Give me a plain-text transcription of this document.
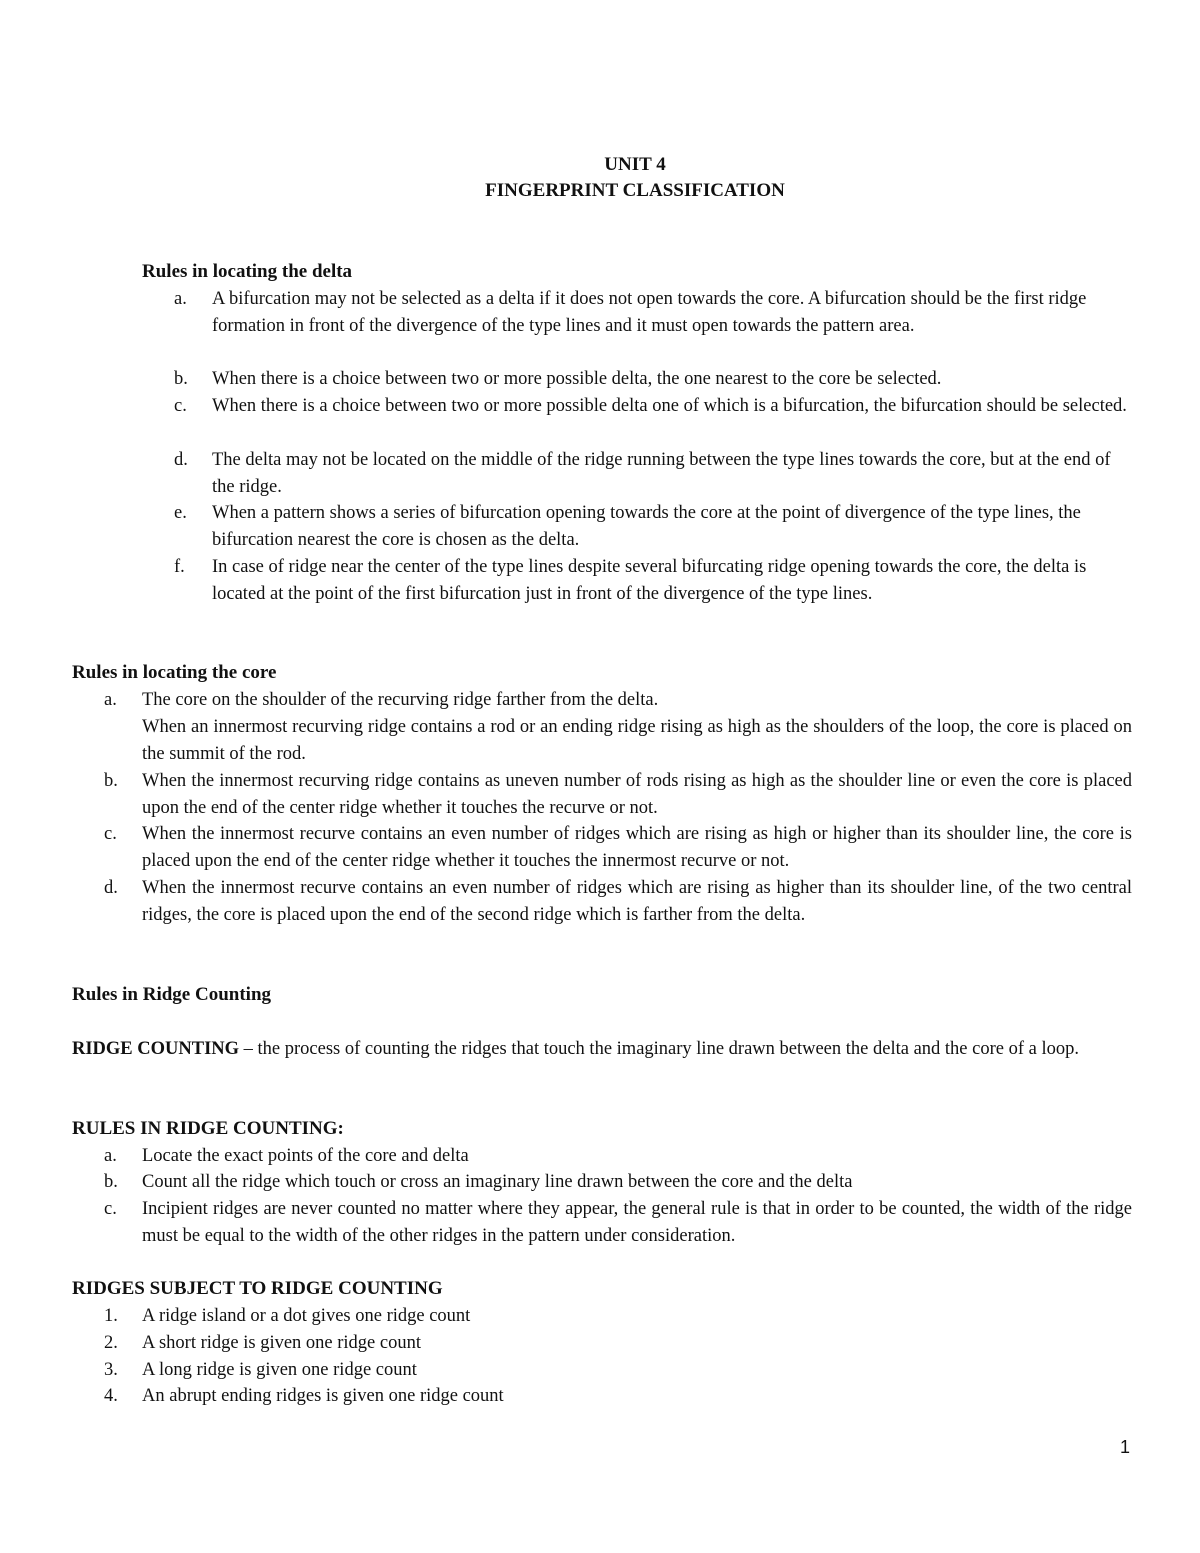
UNIT 4
FINGERPRINT CLASSIFICATION
Rules in locating the delta
a. A bifurcation may not be selected as a delta if it does not open towards the core. A bifurcation should be the first ridge formation in front of the divergence of the type lines and it must open towards the pattern area.
b. When there is a choice between two or more possible delta, the one nearest to the core be selected.
c. When there is a choice between two or more possible delta one of which is a bifurcation, the bifurcation should be selected.
d. The delta may not be located on the middle of the ridge running between the type lines towards the core, but at the end of the ridge.
e. When a pattern shows a series of bifurcation opening towards the core at the point of divergence of the type lines, the bifurcation nearest the core is chosen as the delta.
f. In case of ridge near the center of the type lines despite several bifurcating ridge opening towards the core, the delta is located at the point of the first bifurcation just in front of the divergence of the type lines.
Rules in locating the core
a. The core on the shoulder of the recurving ridge farther from the delta.
When an innermost recurving ridge contains a rod or an ending ridge rising as high as the shoulders of the loop, the core is placed on the summit of the rod.
b. When the innermost recurving ridge contains as uneven number of rods rising as high as the shoulder line or even the core is placed upon the end of the center ridge whether it touches the recurve or not.
c. When the innermost recurve contains an even number of ridges which are rising as high or higher than its shoulder line, the core is placed upon the end of the center ridge whether it touches the innermost recurve or not.
d. When the innermost recurve contains an even number of ridges which are rising as higher than its shoulder line, of the two central ridges, the core is placed upon the end of the second ridge which is farther from the delta.
Rules in Ridge Counting
RIDGE COUNTING – the process of counting the ridges that touch the imaginary line drawn between the delta and the core of a loop.
RULES IN RIDGE COUNTING:
a. Locate the exact points of the core and delta
b. Count all the ridge which touch or cross an imaginary line drawn between the core and the delta
c. Incipient ridges are never counted no matter where they appear, the general rule is that in order to be counted, the width of the ridge must be equal to the width of the other ridges in the pattern under consideration.
RIDGES SUBJECT TO RIDGE COUNTING
1. A ridge island or a dot gives one ridge count
2. A short ridge is given one ridge count
3. A long ridge is given one ridge count
4. An abrupt ending ridges is given one ridge count
1
